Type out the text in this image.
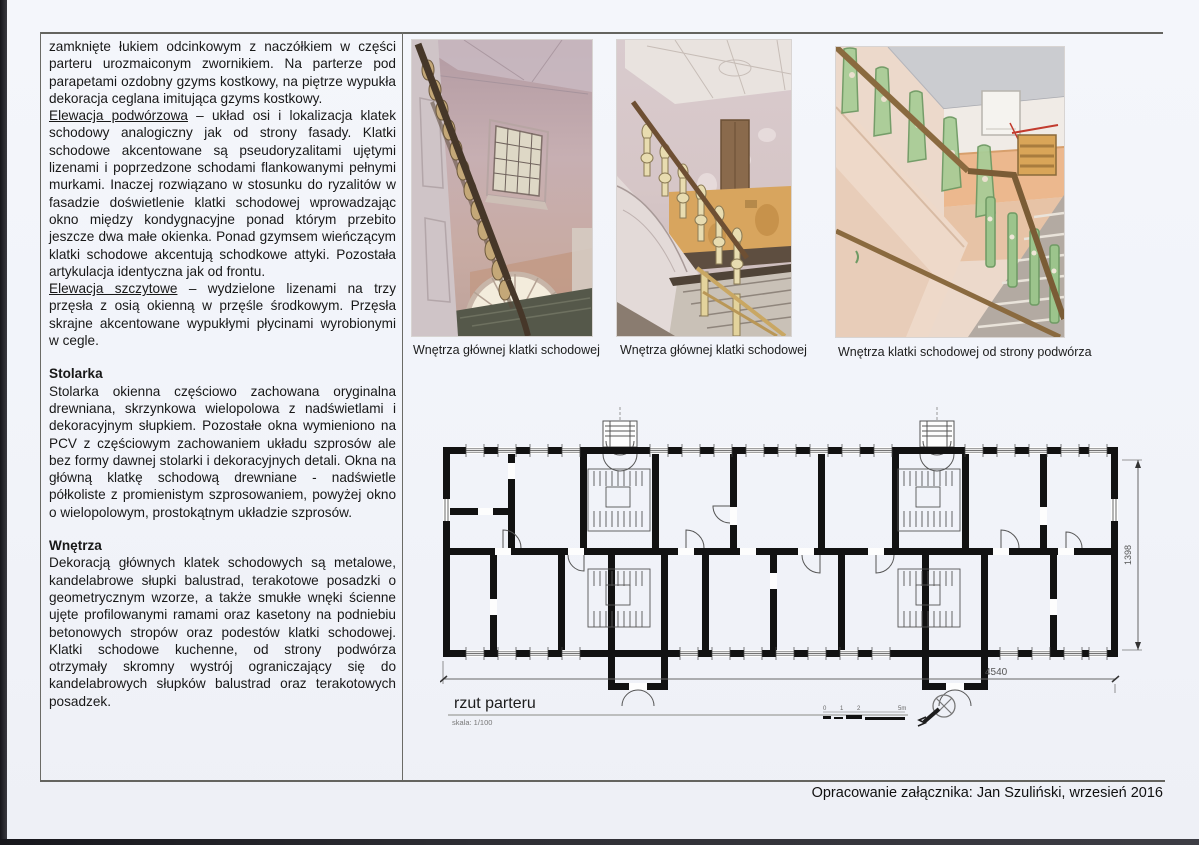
zamknięte łukiem odcinkowym z naczółkiem w części parteru urozmaiconym zwornikiem. Na parterze pod parapetami ozdobny gzyms kostkowy, na piętrze wypukła dekoracja ceglana imitująca gzyms kostkowy.

Elewacja podwórzowa – układ osi i lokalizacja klatek schodowy analogiczny jak od strony fasady. Klatki schodowe akcentowane są pseudoryzalitami ujętymi lizenami i poprzedzone schodami flankowanymi pełnymi murkami. Inaczej rozwiązano w stosunku do ryzalitów w fasadzie doświetlenie klatki schodowej wprowadzając okno między kondygnacyjne ponad którym przebito jeszcze dwa małe okienka. Ponad gzymsem wieńczącym klatki schodowe akcentują schodkowe attyki. Pozostała artykulacja identyczna jak od frontu.

Elewacja szczytowe – wydzielone lizenami na trzy przęsła z osią okienną w przęśle środkowym. Przęsła skrajne akcentowane wypukłymi płycinami wyrobionymi w cegle.

Stolarka

Stolarka okienna częściowo zachowana oryginalna drewniana, skrzynkowa wielopolowa z nadświetlami i dekoracyjnym słupkiem. Pozostałe okna wymieniono na PCV z częściowym zachowaniem układu szprosów ale bez formy dawnej stolarki i dekoracyjnych detali. Okna na główną klatkę schodową drewniane - nadświetle półkoliste z promienistym szprosowaniem, powyżej okno o wielopolowym, prostokątnym układzie szprosów.

Wnętrza

Dekoracją głównych klatek schodowych są metalowe, kandelabrowe słupki balustrad, terakotowe posadzki o geometrycznym wzorze, a także smukłe wnęki ścienne ujęte profilowanymi ramami oraz kasetony na podniebiu betonowych stropów oraz podestów klatki schodowej. Klatki schodowe kuchenne, od strony podwórza otrzymały skromny wystrój ograniczający się do kandelabrowych słupków balustrad oraz terakotowych posadzek.

Wnętrza głównej klatki schodowej Wnętrza głównej klatki schodowej Wnętrza klatki schodowej od strony podwórza
4540
1398
rzut parteru
skala: 1/100
0 1 2	5m
Opracowanie załącznika: Jan Szuliński, wrzesień 2016
